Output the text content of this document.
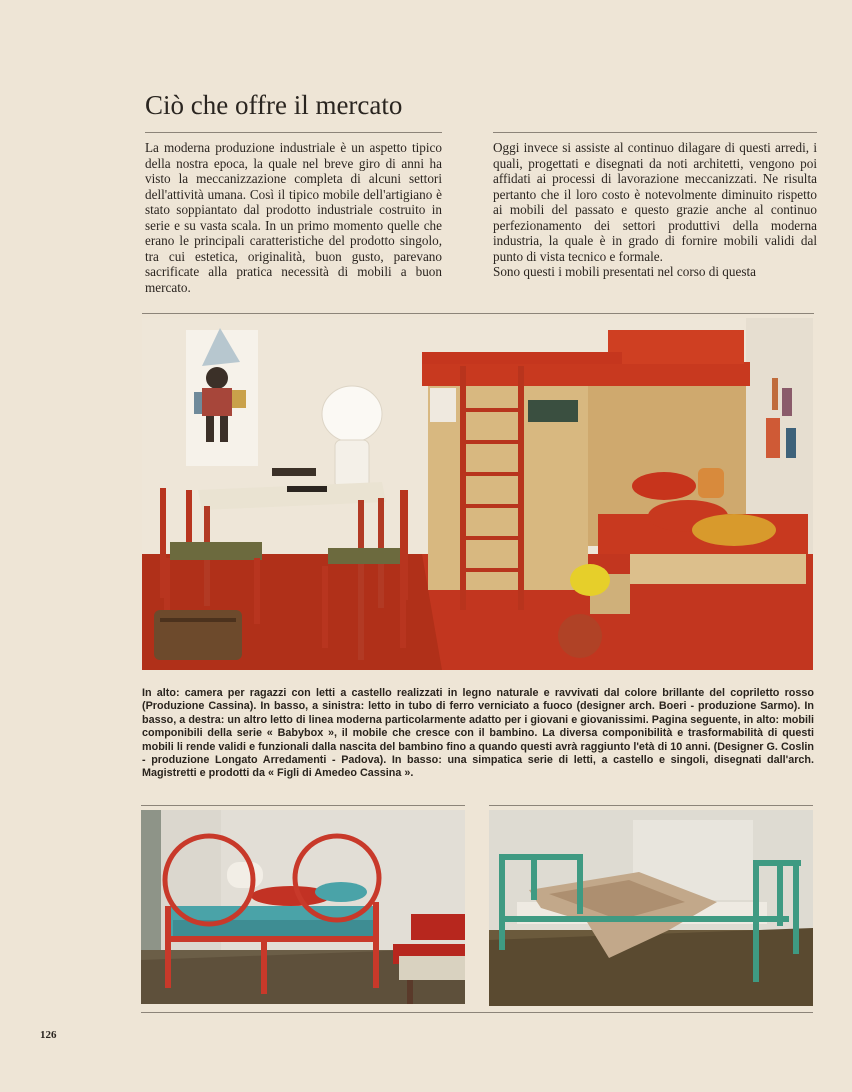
Ciò che offre il mercato

La moderna produzione industriale è un aspetto tipico della nostra epoca, la quale nel breve giro di anni ha visto la meccanizzazione completa di alcuni settori dell'attività umana. Così il tipico mobile dell'artigiano è stato soppiantato dal prodotto industriale costruito in serie e su vasta scala. In un primo momento quelle che erano le principali caratteristiche del prodotto singolo, tra cui estetica, originalità, buon gusto, parevano sacrificate alla pratica necessità di mobili a buon mercato.

Oggi invece si assiste al continuo dilagare di questi arredi, i quali, progettati e disegnati da noti architetti, vengono poi affidati ai processi di lavorazione meccanizzati. Ne risulta pertanto che il loro costo è notevolmente diminuito rispetto ai mobili del passato e questo grazie anche al continuo perfezionamento dei settori produttivi della moderna industria, la quale è in grado di fornire mobili validi dal punto di vista tecnico e formale.

Sono questi i mobili presentati nel corso di questa

In alto: camera per ragazzi con letti a castello realizzati in legno naturale e ravvivati dal colore brillante del copriletto rosso (Produzione Cassina). In basso, a sinistra: letto in tubo di ferro verniciato a fuoco (designer arch. Boeri - produzione Sarmo). In basso, a destra: un altro letto di linea moderna particolarmente adatto per i giovani e giovanissimi. Pagina seguente, in alto: mobili componibili della serie « Babybox », il mobile che cresce con il bambino. La diversa componibilità e trasformabilità di questi mobili li rende validi e funzionali dalla nascita del bambino fino a quando questi avrà raggiunto l'età di 10 anni. (Designer G. Coslin - produzione Longato Arredamenti - Padova). In basso: una simpatica serie di letti, a castello e singoli, disegnati dall'arch. Magistretti e prodotti da « Figli di Amedeo Cassina ».
126
